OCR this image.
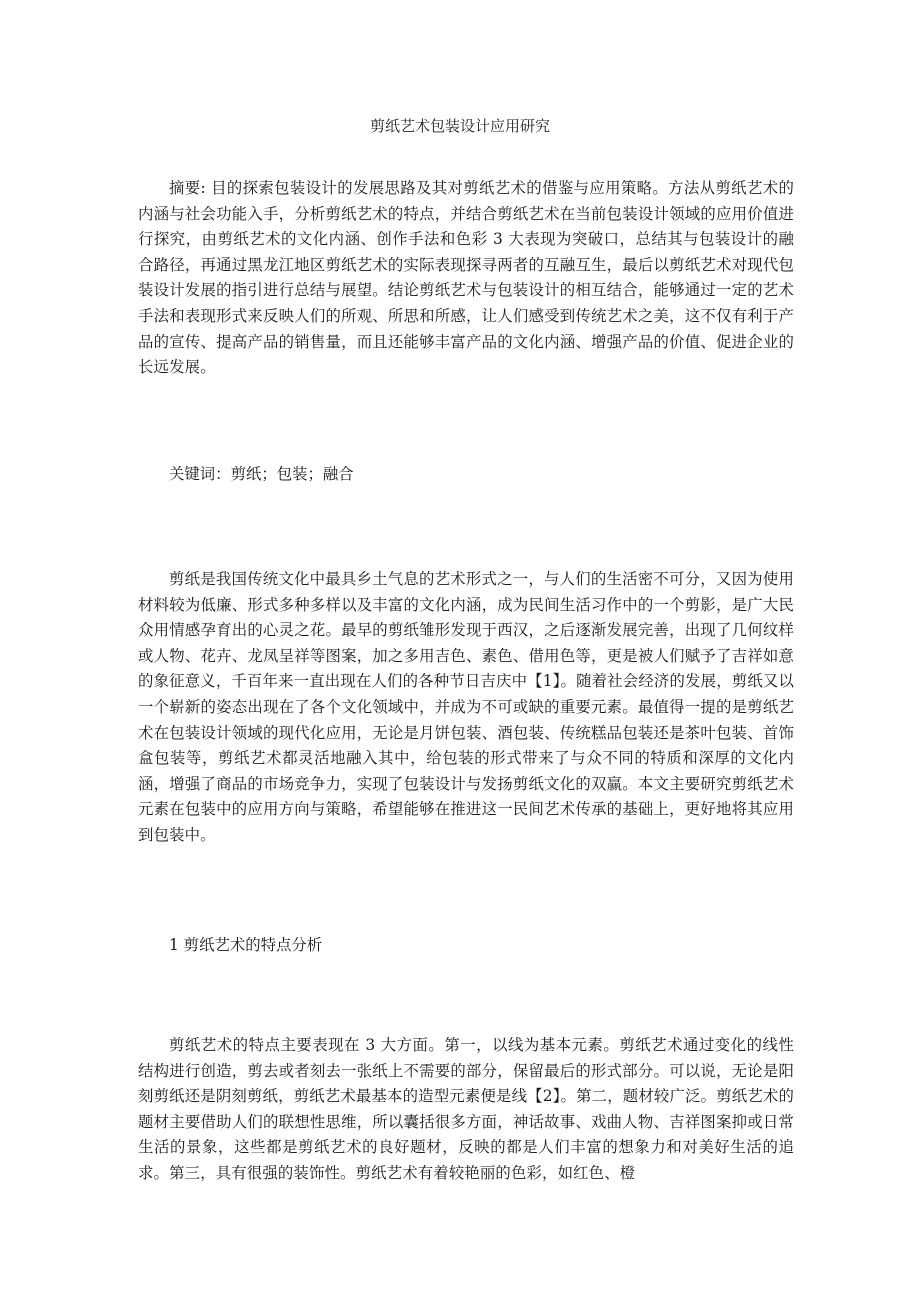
剪纸艺术包装设计应用研究
摘要: 目的探索包装设计的发展思路及其对剪纸艺术的借鉴与应用策略。方法从剪纸艺术的内涵与社会功能入手，分析剪纸艺术的特点，并结合剪纸艺术在当前包装设计领域的应用价值进行探究，由剪纸艺术的文化内涵、创作手法和色彩 3 大表现为突破口，总结其与包装设计的融合路径，再通过黑龙江地区剪纸艺术的实际表现探寻两者的互融互生，最后以剪纸艺术对现代包装设计发展的指引进行总结与展望。结论剪纸艺术与包装设计的相互结合，能够通过一定的艺术手法和表现形式来反映人们的所观、所思和所感，让人们感受到传统艺术之美，这不仅有利于产品的宣传、提高产品的销售量，而且还能够丰富产品的文化内涵、增强产品的价值、促进企业的长远发展。
关键词：剪纸；包装；融合
剪纸是我国传统文化中最具乡土气息的艺术形式之一，与人们的生活密不可分，又因为使用材料较为低廉、形式多种多样以及丰富的文化内涵，成为民间生活习作中的一个剪影，是广大民众用情感孕育出的心灵之花。最早的剪纸雏形发现于西汉，之后逐渐发展完善，出现了几何纹样或人物、花卉、龙凤呈祥等图案，加之多用吉色、素色、借用色等，更是被人们赋予了吉祥如意的象征意义，千百年来一直出现在人们的各种节日吉庆中【1】。随着社会经济的发展，剪纸又以一个崭新的姿态出现在了各个文化领域中，并成为不可或缺的重要元素。最值得一提的是剪纸艺术在包装设计领域的现代化应用，无论是月饼包装、酒包装、传统糕品包装还是茶叶包装、首饰盒包装等，剪纸艺术都灵活地融入其中，给包装的形式带来了与众不同的特质和深厚的文化内涵，增强了商品的市场竞争力，实现了包装设计与发扬剪纸文化的双赢。本文主要研究剪纸艺术元素在包装中的应用方向与策略，希望能够在推进这一民间艺术传承的基础上，更好地将其应用到包装中。
1 剪纸艺术的特点分析
剪纸艺术的特点主要表现在 3 大方面。第一，以线为基本元素。剪纸艺术通过变化的线性结构进行创造，剪去或者刻去一张纸上不需要的部分，保留最后的形式部分。可以说，无论是阳刻剪纸还是阴刻剪纸，剪纸艺术最基本的造型元素便是线【2】。第二，题材较广泛。剪纸艺术的题材主要借助人们的联想性思维，所以囊括很多方面，神话故事、戏曲人物、吉祥图案抑或日常生活的景象，这些都是剪纸艺术的良好题材，反映的都是人们丰富的想象力和对美好生活的追求。第三，具有很强的装饰性。剪纸艺术有着较艳丽的色彩，如红色、橙
